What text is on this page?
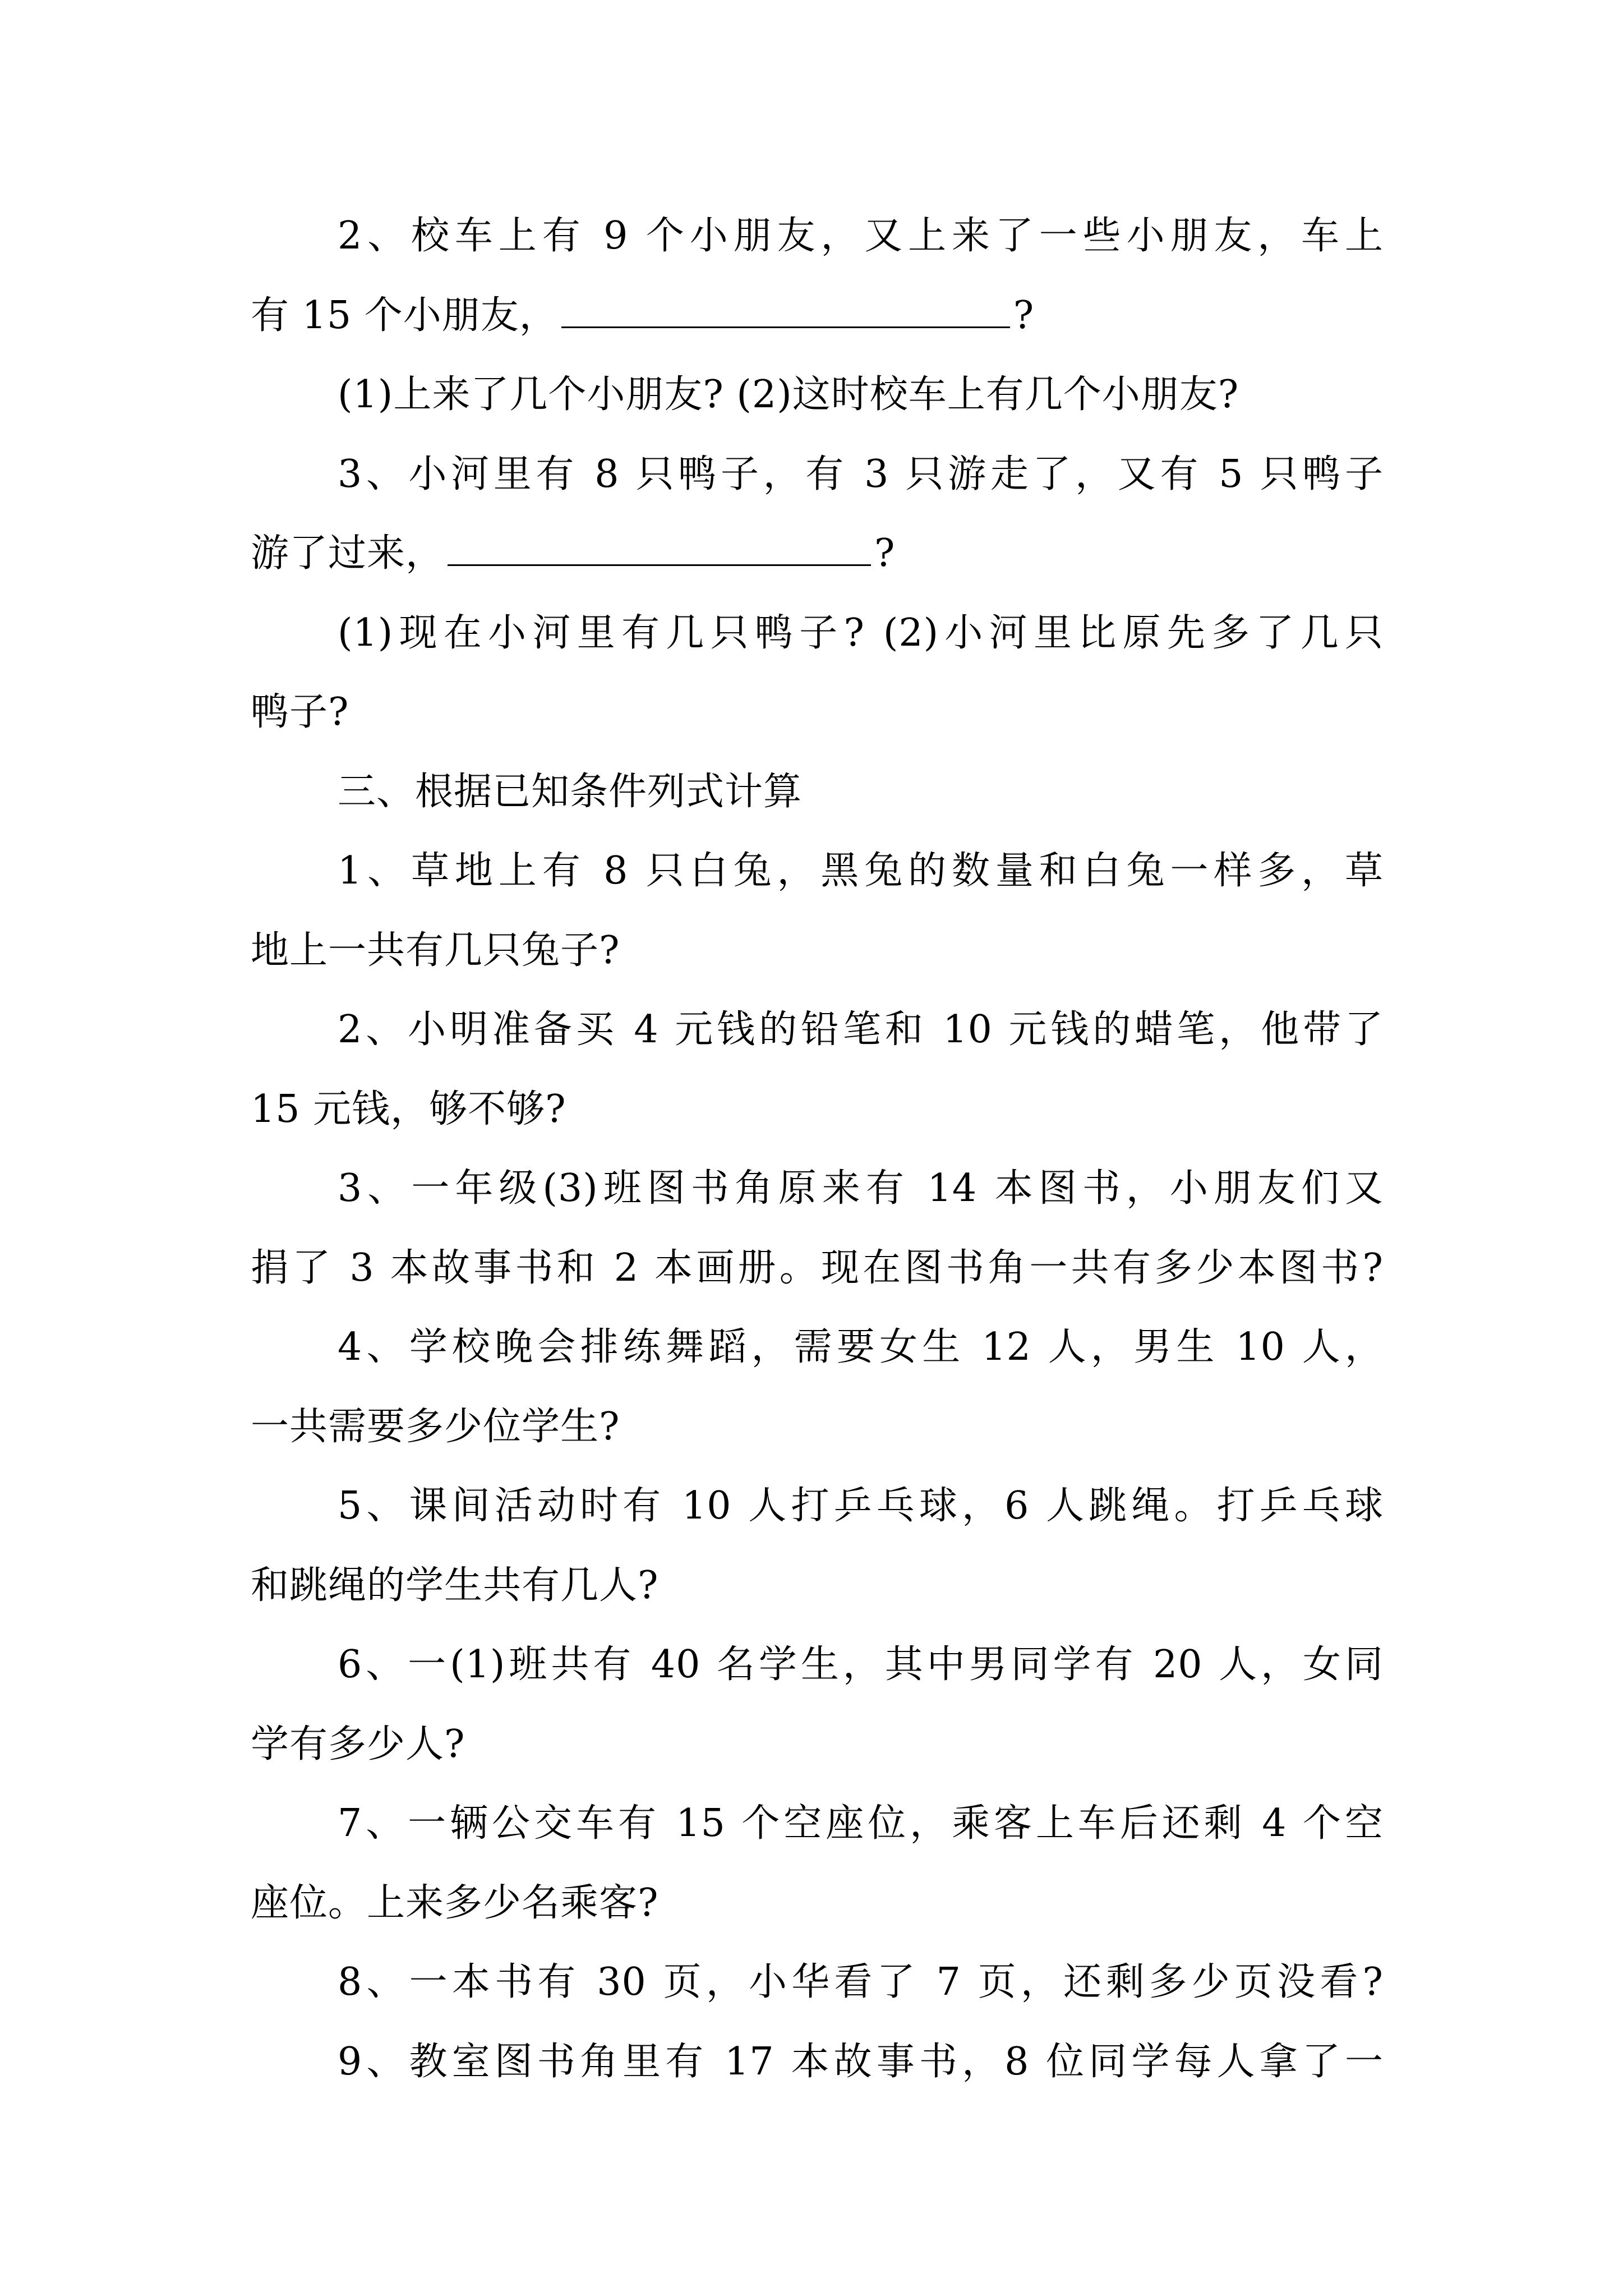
2、校车上有 9 个小朋友，又上来了一些小朋友，车上
有 15 个小朋友，	?
(1)上来了几个小朋友? (2)这时校车上有几个小朋友?
3、小河里有 8 只鸭子，有 3 只游走了，又有 5 只鸭子
游了过来，	?
(1)现在小河里有几只鸭子? (2)小河里比原先多了几只
鸭子?
三、根据已知条件列式计算
1、草地上有 8 只白兔，黑兔的数量和白兔一样多，草
地上一共有几只兔子?
2、小明准备买 4 元钱的铅笔和 10 元钱的蜡笔，他带了
15 元钱，够不够?
3、一年级(3)班图书角原来有 14 本图书，小朋友们又
捐了 3 本故事书和 2 本画册。现在图书角一共有多少本图书?
4、学校晚会排练舞蹈，需要女生 12 人，男生 10 人，
一共需要多少位学生?
5、课间活动时有 10 人打乒乓球，6 人跳绳。打乒乓球
和跳绳的学生共有几人?
6、一(1)班共有 40 名学生，其中男同学有 20 人，女同
学有多少人?
7、一辆公交车有 15 个空座位，乘客上车后还剩 4 个空
座位。上来多少名乘客?
8、一本书有 30 页，小华看了 7 页，还剩多少页没看?
9、教室图书角里有 17 本故事书，8 位同学每人拿了一
